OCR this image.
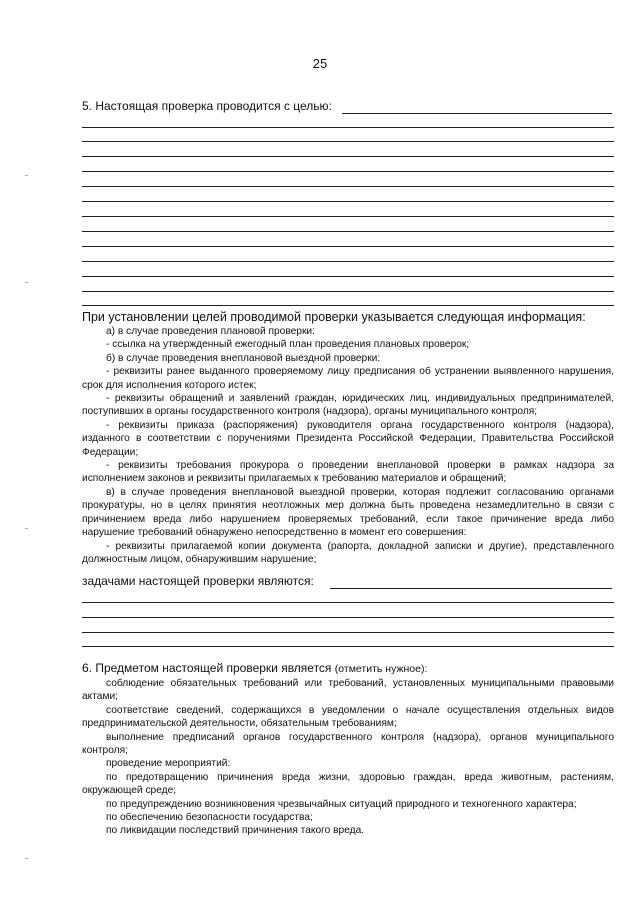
25
5. Настоящая проверка проводится с целью:
При установлении целей проводимой проверки указывается следующая информация:

а) в случае проведения плановой проверки:

- ссылка на утвержденный ежегодный план проведения плановых проверок;

б) в случае проведения внеплановой выездной проверки:

- реквизиты ранее выданного проверяемому лицу предписания об устранении выявленного нарушения, срок для исполнения которого истек;

- реквизиты обращений и заявлений граждан, юридических лиц, индивидуальных предпринимателей, поступивших в органы государственного контроля (надзора), органы муниципального контроля;

- реквизиты приказа (распоряжения) руководителя органа государственного контроля (надзора), изданного в соответствии с поручениями Президента Российской Федерации, Правительства Российской Федерации;

- реквизиты требования прокурора о проведении внеплановой проверки в рамках надзора за исполнением законов и реквизиты прилагаемых к требованию материалов и обращений;

в) в случае проведения внеплановой выездной проверки, которая подлежит согласованию органами прокуратуры, но в целях принятия неотложных мер должна быть проведена незамедлительно в связи с причинением вреда либо нарушением проверяемых требований, если такое причинение вреда либо нарушение требований обнаружено непосредственно в момент его совершения:

- реквизиты прилагаемой копии документа (рапорта, докладной записки и другие), представленного должностным лицом, обнаружившим нарушение;

задачами настоящей проверки являются:
6. Предметом настоящей проверки является (отметить нужное):

соблюдение обязательных требований или требований, установленных муниципальными правовыми актами;

соответствие сведений, содержащихся в уведомлении о начале осуществления отдельных видов предпринимательской деятельности, обязательным требованиям;

выполнение предписаний органов государственного контроля (надзора), органов муниципального контроля;

проведение мероприятий:

по предотвращению причинения вреда жизни, здоровью граждан, вреда животным, растениям, окружающей среде;

по предупреждению возникновения чрезвычайных ситуаций природного и техногенного характера;

по обеспечению безопасности государства;

по ликвидации последствий причинения такого вреда.
